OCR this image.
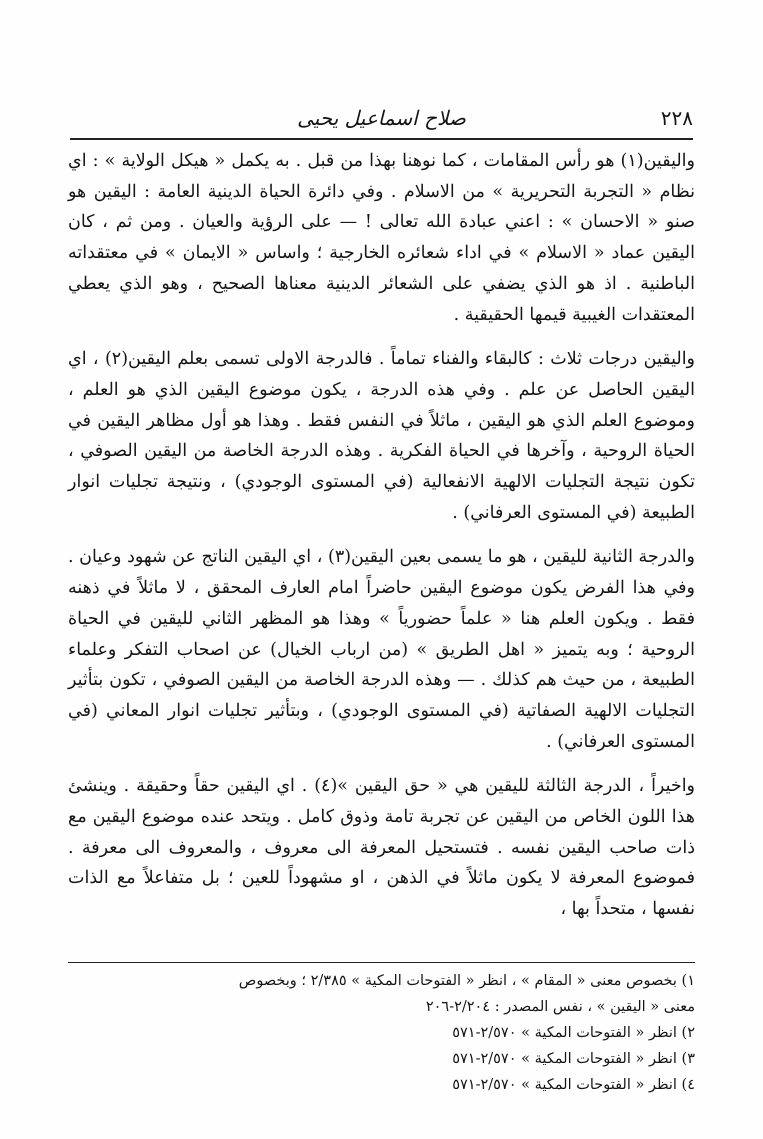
٢٢٨
صلاح اسماعيل يحيى

واليقين(١) هو رأس المقامات ، كما نوهنا بهذا من قبل . به يكمل « هيكل الولاية » : اي نظام « التجربة التحريرية » من الاسلام . وفي دائرة الحياة الدينية العامة : اليقين هو صنو « الاحسان » : اعني عبادة الله تعالى ! — على الرؤية والعيان . ومن ثم ، كان اليقين عماد « الاسلام » في اداء شعائره الخارجية ؛ واساس « الايمان » في معتقداته الباطنية . اذ هو الذي يضفي على الشعائر الدينية معناها الصحيح ، وهو الذي يعطي المعتقدات الغيبية قيمها الحقيقية .

واليقين درجات ثلاث : كالبقاء والفناء تماماً . فالدرجة الاولى تسمى بعلم اليقين(٢) ، اي اليقين الحاصل عن علم . وفي هذه الدرجة ، يكون موضوع اليقين الذي هو العلم ، وموضوع العلم الذي هو اليقين ، ماثلاً في النفس فقط . وهذا هو أول مظاهر اليقين في الحياة الروحية ، وآخرها في الحياة الفكرية . وهذه الدرجة الخاصة من اليقين الصوفي ، تكون نتيجة التجليات الالهية الانفعالية (في المستوى الوجودي) ، ونتيجة تجليات انوار الطبيعة (في المستوى العرفاني) .

والدرجة الثانية لليقين ، هو ما يسمى بعين اليقين(٣) ، اي اليقين الناتج عن شهود وعيان . وفي هذا الفرض يكون موضوع اليقين حاضراً امام العارف المحقق ، لا ماثلاً في ذهنه فقط . ويكون العلم هنا « علماً حضورياً » وهذا هو المظهر الثاني لليقين في الحياة الروحية ؛ وبه يتميز « اهل الطريق » (من ارباب الخيال) عن اصحاب التفكر وعلماء الطبيعة ، من حيث هم كذلك . — وهذه الدرجة الخاصة من اليقين الصوفي ، تكون بتأثير التجليات الالهية الصفاتية (في المستوى الوجودي) ، وبتأثير تجليات انوار المعاني (في المستوى العرفاني) .

واخيراً ، الدرجة الثالثة لليقين هي « حق اليقين »(٤) . اي اليقين حقاً وحقيقة . وينشئ هذا اللون الخاص من اليقين عن تجربة تامة وذوق كامل . ويتحد عنده موضوع اليقين مع ذات صاحب اليقين نفسه . فتستحيل المعرفة الى معروف ، والمعروف الى معرفة . فموضوع المعرفة لا يكون ماثلاً في الذهن ، او مشهوداً للعين ؛ بل متفاعلاً مع الذات نفسها ، متحداً بها ،

١) بخصوص معنى « المقام » ، انظر « الفتوحات المكية » ٢/٣٨٥ ؛ وبخصوص
معنى « اليقين » ، نفس المصدر : ٢/٢٠٤-٢٠٦
٢) انظر « الفتوحات المكية » ٢/٥٧٠-٥٧١
٣) انظر « الفتوحات المكية » ٢/٥٧٠-٥٧١
٤) انظر « الفتوحات المكية » ٢/٥٧٠-٥٧١
